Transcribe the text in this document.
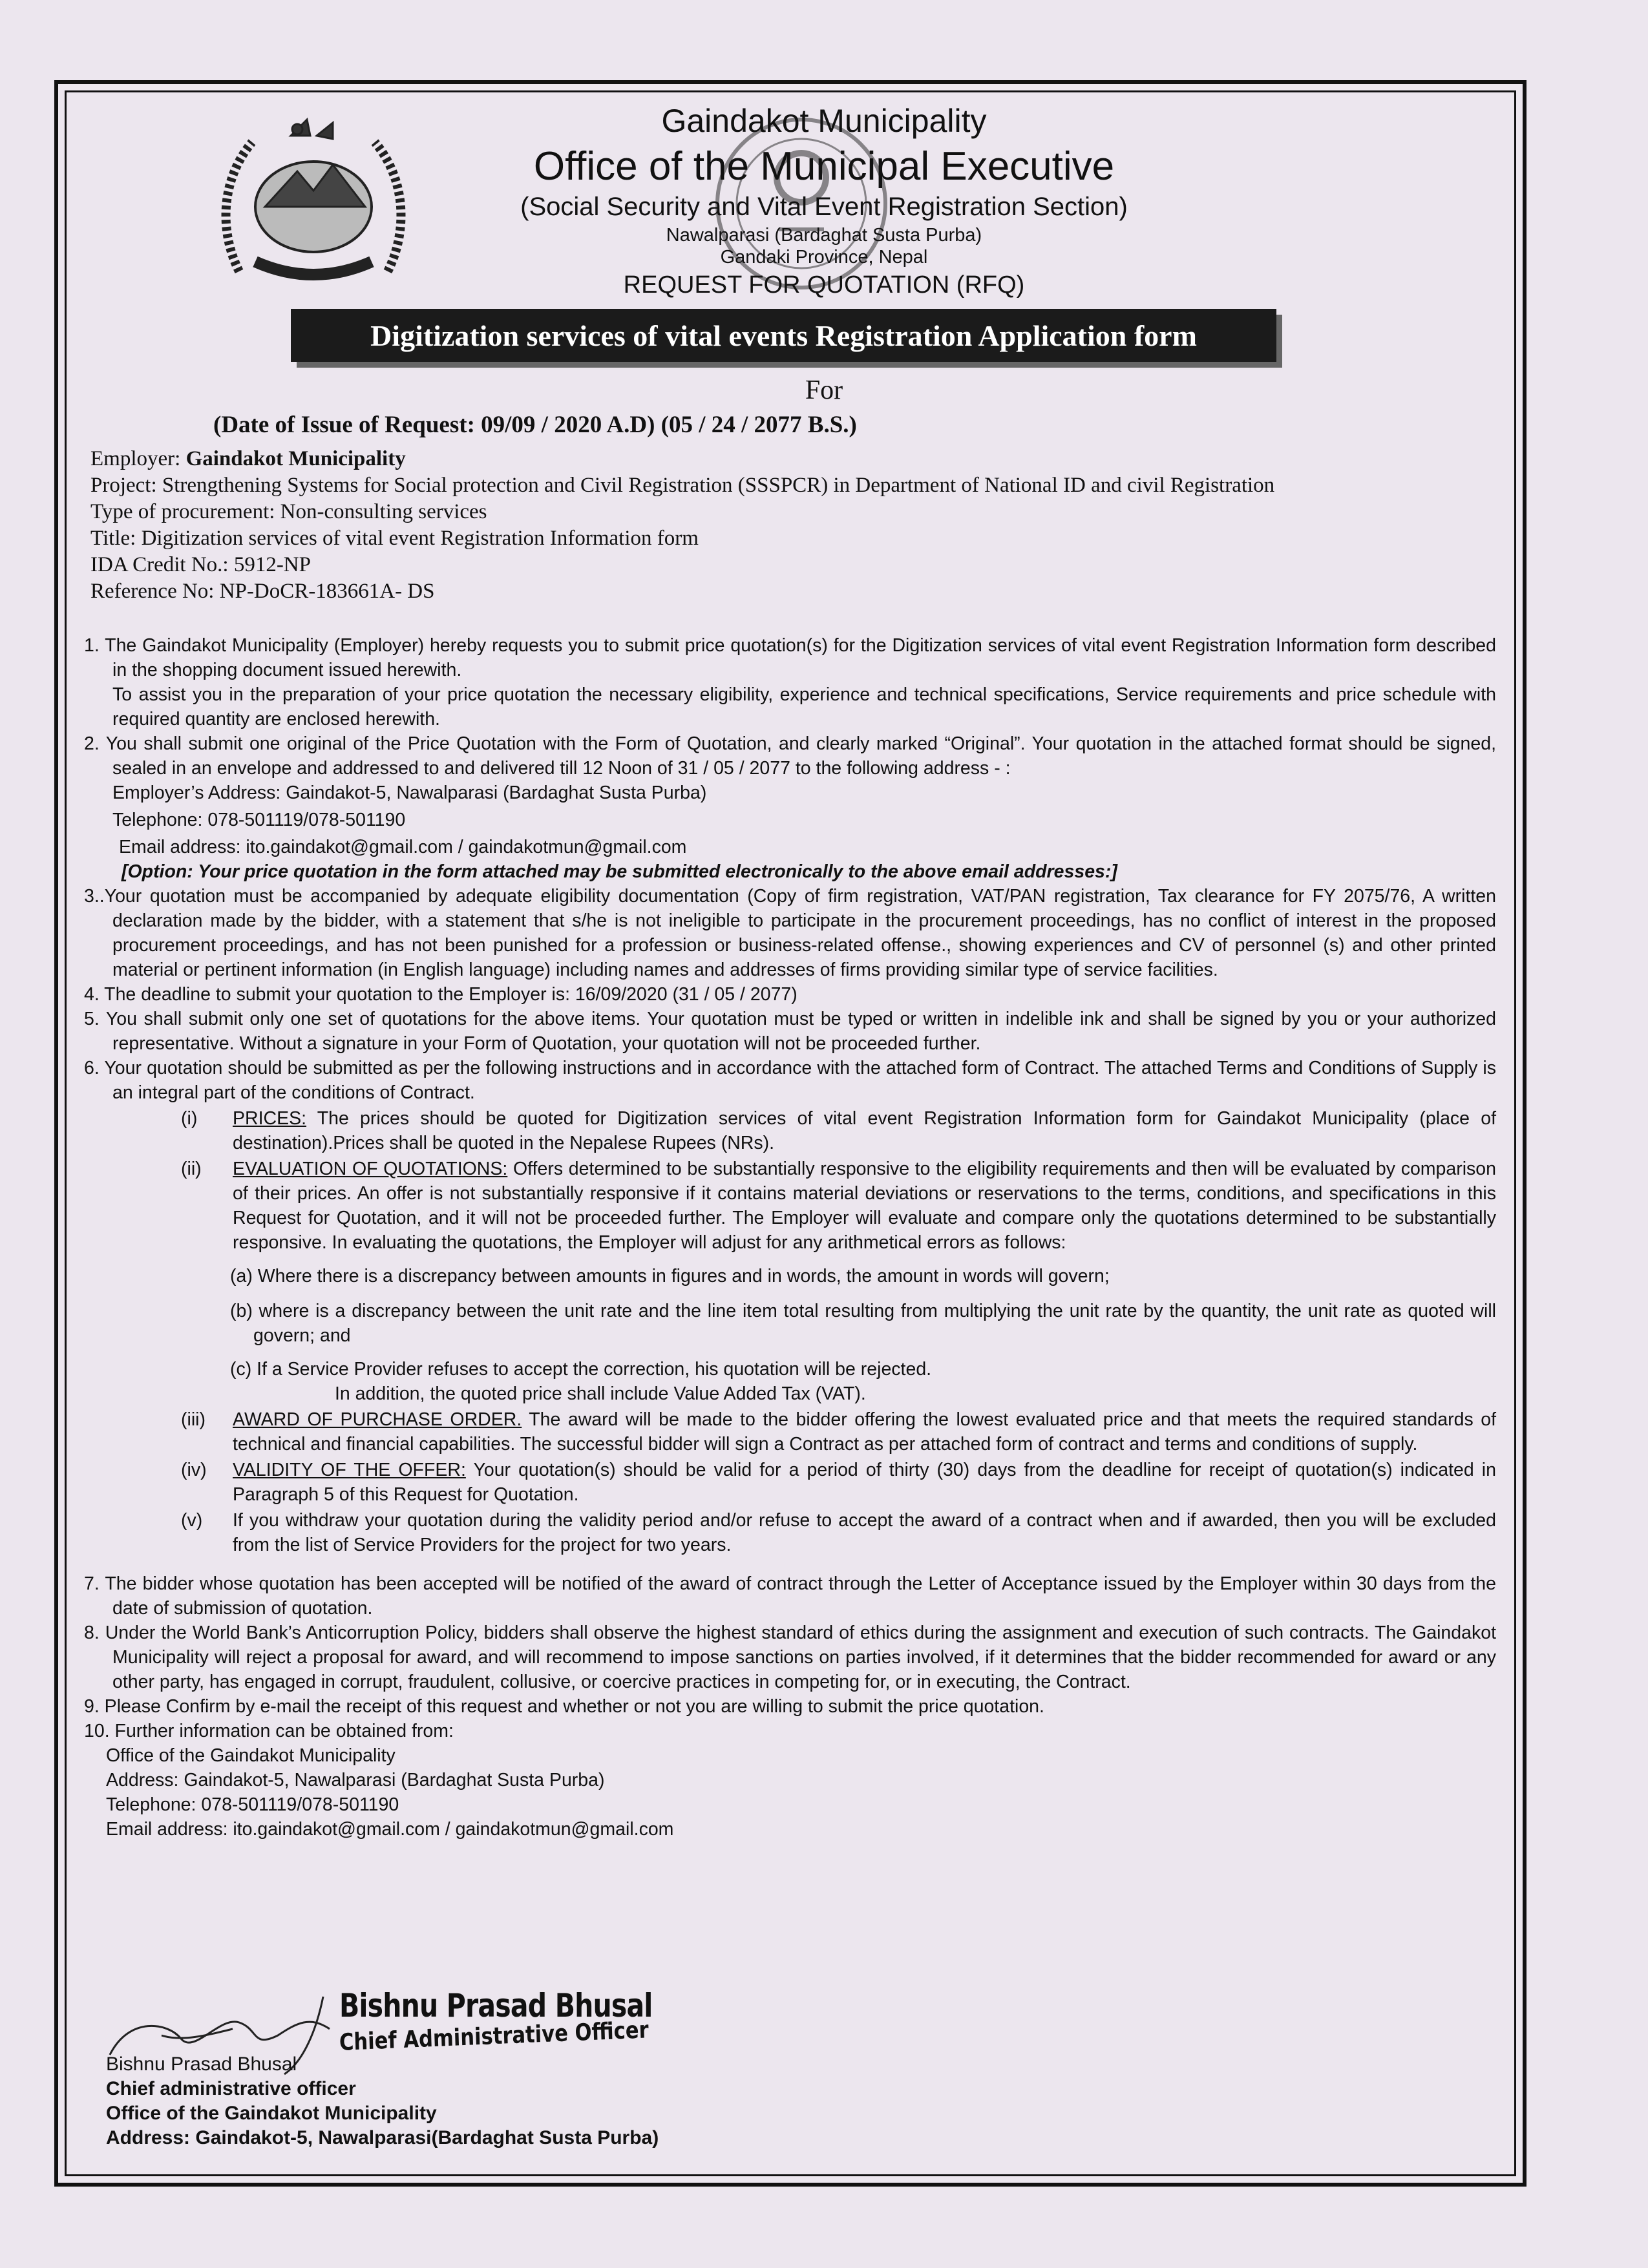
Gaindakot Municipality
Office of the Municipal Executive
(Social Security and Vital Event Registration Section)
Nawalparasi (Bardaghat Susta Purba)
Gandaki Province, Nepal
REQUEST FOR QUOTATION (RFQ)
Digitization services of vital events Registration Application form
For
(Date of Issue of Request: 09/09 / 2020 A.D) (05 / 24 / 2077 B.S.)
Employer: Gaindakot Municipality
Project: Strengthening Systems for Social protection and Civil Registration (SSSPCR) in Department of National ID and civil Registration
Type of procurement: Non-consulting services
Title: Digitization services of vital event Registration Information form
IDA Credit No.: 5912-NP
Reference No: NP-DoCR-183661A- DS

1. The Gaindakot Municipality (Employer) hereby requests you to submit price quotation(s) for the Digitization services of vital event Registration Information form described in the shopping document issued herewith.

To assist you in the preparation of your price quotation the necessary eligibility, experience and technical specifications, Service requirements and price schedule with required quantity are enclosed herewith.

2. You shall submit one original of the Price Quotation with the Form of Quotation, and clearly marked “Original”. Your quotation in the attached format should be signed, sealed in an envelope and addressed to and delivered till 12 Noon of 31 / 05 / 2077 to the following address - :

Employer’s Address: Gaindakot-5, Nawalparasi (Bardaghat Susta Purba)

Telephone: 078-501119/078-501190

Email address: ito.gaindakot@gmail.com / gaindakotmun@gmail.com

[Option: Your price quotation in the form attached may be submitted electronically to the above email addresses:]

3..Your quotation must be accompanied by adequate eligibility documentation (Copy of firm registration, VAT/PAN registration, Tax clearance for FY 2075/76, A written declaration made by the bidder, with a statement that s/he is not ineligible to participate in the procurement proceedings, has no conflict of interest in the proposed procurement proceedings, and has not been punished for a profession or business-related offense., showing experiences and CV of personnel (s) and other printed material or pertinent information (in English language) including names and addresses of firms providing similar type of service facilities.

4. The deadline to submit your quotation to the Employer is: 16/09/2020 (31 / 05 / 2077)

5. You shall submit only one set of quotations for the above items. Your quotation must be typed or written in indelible ink and shall be signed by you or your authorized representative. Without a signature in your Form of Quotation, your quotation will not be proceeded further.

6. Your quotation should be submitted as per the following instructions and in accordance with the attached form of Contract. The attached Terms and Conditions of Supply is an integral part of the conditions of Contract.

(i)	PRICES: The prices should be quoted for Digitization services of vital event Registration Information form for Gaindakot Municipality (place of destination).Prices shall be quoted in the Nepalese Rupees (NRs).
(ii)	EVALUATION OF QUOTATIONS: Offers determined to be substantially responsive to the eligibility requirements and then will be evaluated by comparison of their prices. An offer is not substantially responsive if it contains material deviations or reservations to the terms, conditions, and specifications in this Request for Quotation, and it will not be proceeded further. The Employer will evaluate and compare only the quotations determined to be substantially responsive. In evaluating the quotations, the Employer will adjust for any arithmetical errors as follows:

(a) Where there is a discrepancy between amounts in figures and in words, the amount in words will govern;

(b) where is a discrepancy between the unit rate and the line item total resulting from multiplying the unit rate by the quantity, the unit rate as quoted will govern; and

(c) If a Service Provider refuses to accept the correction, his quotation will be rejected.

In addition, the quoted price shall include Value Added Tax (VAT).

(iii)	AWARD OF PURCHASE ORDER. The award will be made to the bidder offering the lowest evaluated price and that meets the required standards of technical and financial capabilities. The successful bidder will sign a Contract as per attached form of contract and terms and conditions of supply.
(iv)	VALIDITY OF THE OFFER: Your quotation(s) should be valid for a period of thirty (30) days from the deadline for receipt of quotation(s) indicated in Paragraph 5 of this Request for Quotation.
(v)	If you withdraw your quotation during the validity period and/or refuse to accept the award of a contract when and if awarded, then you will be excluded from the list of Service Providers for the project for two years.

7. The bidder whose quotation has been accepted will be notified of the award of contract through the Letter of Acceptance issued by the Employer within 30 days from the date of submission of quotation.

8. Under the World Bank’s Anticorruption Policy, bidders shall observe the highest standard of ethics during the assignment and execution of such contracts. The Gaindakot Municipality will reject a proposal for award, and will recommend to impose sanctions on parties involved, if it determines that the bidder recommended for award or any other party, has engaged in corrupt, fraudulent, collusive, or coercive practices in competing for, or in executing, the Contract.

9. Please Confirm by e-mail the receipt of this request and whether or not you are willing to submit the price quotation.

10. Further information can be obtained from:

Office of the Gaindakot Municipality

Address: Gaindakot-5, Nawalparasi (Bardaghat Susta Purba)

Telephone: 078-501119/078-501190

Email address: ito.gaindakot@gmail.com / gaindakotmun@gmail.com

Bishnu Prasad Bhusal
Chief Administrative Officer
Bishnu Prasad Bhusal
Chief administrative officer
Office of the Gaindakot Municipality
Address: Gaindakot-5, Nawalparasi(Bardaghat Susta Purba)
